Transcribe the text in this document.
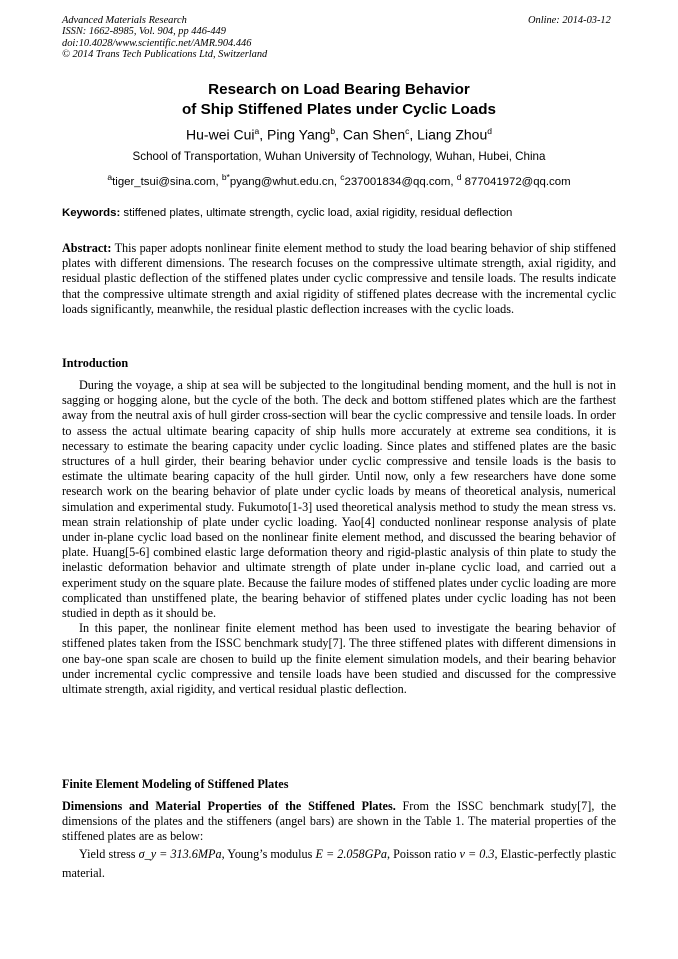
Advanced Materials Research
ISSN: 1662-8985, Vol. 904, pp 446-449
doi:10.4028/www.scientific.net/AMR.904.446
© 2014 Trans Tech Publications Ltd, Switzerland
Online: 2014-03-12
Research on Load Bearing Behavior
of Ship Stiffened Plates under Cyclic Loads
Hu-wei Cui$^a$, Ping Yang$^b$, Can Shen$^c$, Liang Zhou$^d$
School of Transportation, Wuhan University of Technology, Wuhan, Hubei, China
$^a$tiger_tsui@sina.com, $^{b*}$pyang@whut.edu.cn, $^c$237001834@qq.com, $^d$ 877041972@qq.com
Keywords: stiffened plates, ultimate strength, cyclic load, axial rigidity, residual deflection

Abstract: This paper adopts nonlinear finite element method to study the load bearing behavior of ship stiffened plates with different dimensions. The research focuses on the compressive ultimate strength, axial rigidity, and residual plastic deflection of the stiffened plates under cyclic compressive and tensile loads. The results indicate that the compressive ultimate strength and axial rigidity of stiffened plates decrease with the incremental cyclic loads significantly, meanwhile, the residual plastic deflection increases with the cyclic loads.

Introduction

During the voyage, a ship at sea will be subjected to the longitudinal bending moment, and the hull is not in sagging or hogging alone, but the cycle of the both. The deck and bottom stiffened plates which are the farthest away from the neutral axis of hull girder cross-section will bear the cyclic compressive and tensile loads. In order to assess the actual ultimate bearing capacity of ship hulls more accurately at extreme sea conditions, it is necessary to estimate the bearing capacity under cyclic loading. Since plates and stiffened plates are the basic structures of a hull girder, their bearing behavior under cyclic compressive and tensile loads is the basis to estimate the ultimate bearing capacity of the hull girder. Until now, only a few researchers have done some research work on the bearing behavior of plate under cyclic loads by means of theoretical analysis, numerical simulation and experimental study. Fukumoto[1-3] used theoretical analysis method to study the mean stress vs. mean strain relationship of plate under cyclic loading. Yao[4] conducted nonlinear response analysis of plate under in-plane cyclic load based on the nonlinear finite element method, and discussed the bearing behavior of plate. Huang[5-6] combined elastic large deformation theory and rigid-plastic analysis of thin plate to study the inelastic deformation behavior and ultimate strength of plate under in-plane cyclic load, and carried out a experiment study on the square plate. Because the failure modes of stiffened plates under cyclic loading are more complicated than unstiffened plate, the bearing behavior of stiffened plates under cyclic loading has not been studied in depth as it should be.

In this paper, the nonlinear finite element method has been used to investigate the bearing behavior of stiffened plates taken from the ISSC benchmark study[7]. The three stiffened plates with different dimensions in one bay-one span scale are chosen to build up the finite element simulation models, and their bearing behavior under incremental cyclic compressive and tensile loads have been studied and discussed for the compressive ultimate strength, axial rigidity, and vertical residual plastic deflection.

Finite Element Modeling of Stiffened Plates

Dimensions and Material Properties of the Stiffened Plates. From the ISSC benchmark study[7], the dimensions of the plates and the stiffeners (angel bars) are shown in the Table 1. The material properties of the stiffened plates are as below:

Yield stress σ_y = 313.6MPa, Young’s modulus E = 2.058GPa, Poisson ratio ν = 0.3, Elastic-perfectly plastic material.
